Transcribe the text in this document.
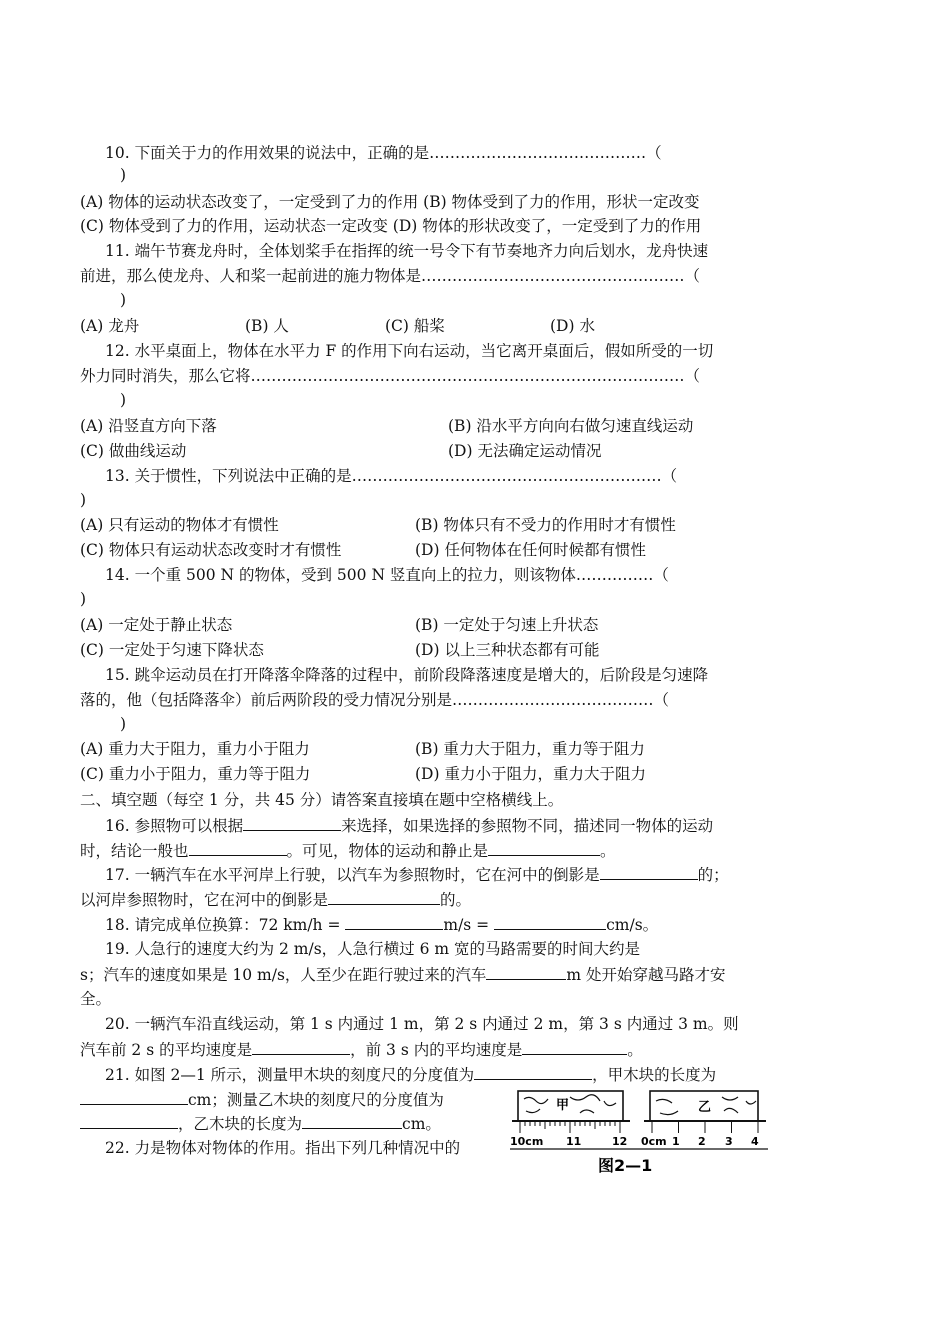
10. 下面关于力的作用效果的说法中，正确的是……………………………………（
)
(A) 物体的运动状态改变了，一定受到了力的作用 (B) 物体受到了力的作用，形状一定改变
(C) 物体受到了力的作用，运动状态一定改变 (D) 物体的形状改变了，一定受到了力的作用
11. 端午节赛龙舟时，全体划桨手在指挥的统一号令下有节奏地齐力向后划水，龙舟快速
前进，那么使龙舟、人和桨一起前进的施力物体是……………………………………………（
)
(A) 龙舟	(B) 人	(C) 船桨	(D) 水
12. 水平桌面上，物体在水平力 F 的作用下向右运动，当它离开桌面后，假如所受的一切
外力同时消失，那么它将…………………………………………………………………………（
)
(A) 沿竖直方向下落	(B) 沿水平方向向右做匀速直线运动
(C) 做曲线运动	(D) 无法确定运动情况
13. 关于惯性，下列说法中正确的是……………………………………………………（
)
(A) 只有运动的物体才有惯性	(B) 物体只有不受力的作用时才有惯性
(C) 物体只有运动状态改变时才有惯性	(D) 任何物体在任何时候都有惯性
14. 一个重 500 N 的物体，受到 500 N 竖直向上的拉力，则该物体……………（
)
(A) 一定处于静止状态	(B) 一定处于匀速上升状态
(C) 一定处于匀速下降状态	(D) 以上三种状态都有可能
15. 跳伞运动员在打开降落伞降落的过程中，前阶段降落速度是增大的，后阶段是匀速降
落的，他（包括降落伞）前后两阶段的受力情况分别是…………………………………（
)
(A) 重力大于阻力，重力小于阻力	(B) 重力大于阻力，重力等于阻力
(C) 重力小于阻力，重力等于阻力	(D) 重力小于阻力，重力大于阻力
二、填空题（每空 1 分，共 45 分）请答案直接填在题中空格横线上。
16. 参照物可以根据	来选择，如果选择的参照物不同，描述同一物体的运动
时，结论一般也	。可见，物体的运动和静止是	。
17. 一辆汽车在水平河岸上行驶，以汽车为参照物时，它在河中的倒影是	的；
以河岸参照物时，它在河中的倒影是	的。
18. 请完成单位换算：72 km/h =	m/s =	cm/s。
19. 人急行的速度大约为 2 m/s，人急行横过 6 m 宽的马路需要的时间大约是
s；汽车的速度如果是 10 m/s，人至少在距行驶过来的汽车	m 处开始穿越马路才安
全。
20. 一辆汽车沿直线运动，第 1 s 内通过 1 m，第 2 s 内通过 2 m，第 3 s 内通过 3 m。则
汽车前 2 s 的平均速度是	，前 3 s 内的平均速度是	。
21. 如图 2—1 所示，测量甲木块的刻度尺的分度值为	，甲木块的长度为
cm；测量乙木块的刻度尺的分度值为
，乙木块的长度为	cm。
22. 力是物体对物体的作用。指出下列几种情况中的
甲
10cm 11	12
乙
0cm 1 2 3 4
图2—1
